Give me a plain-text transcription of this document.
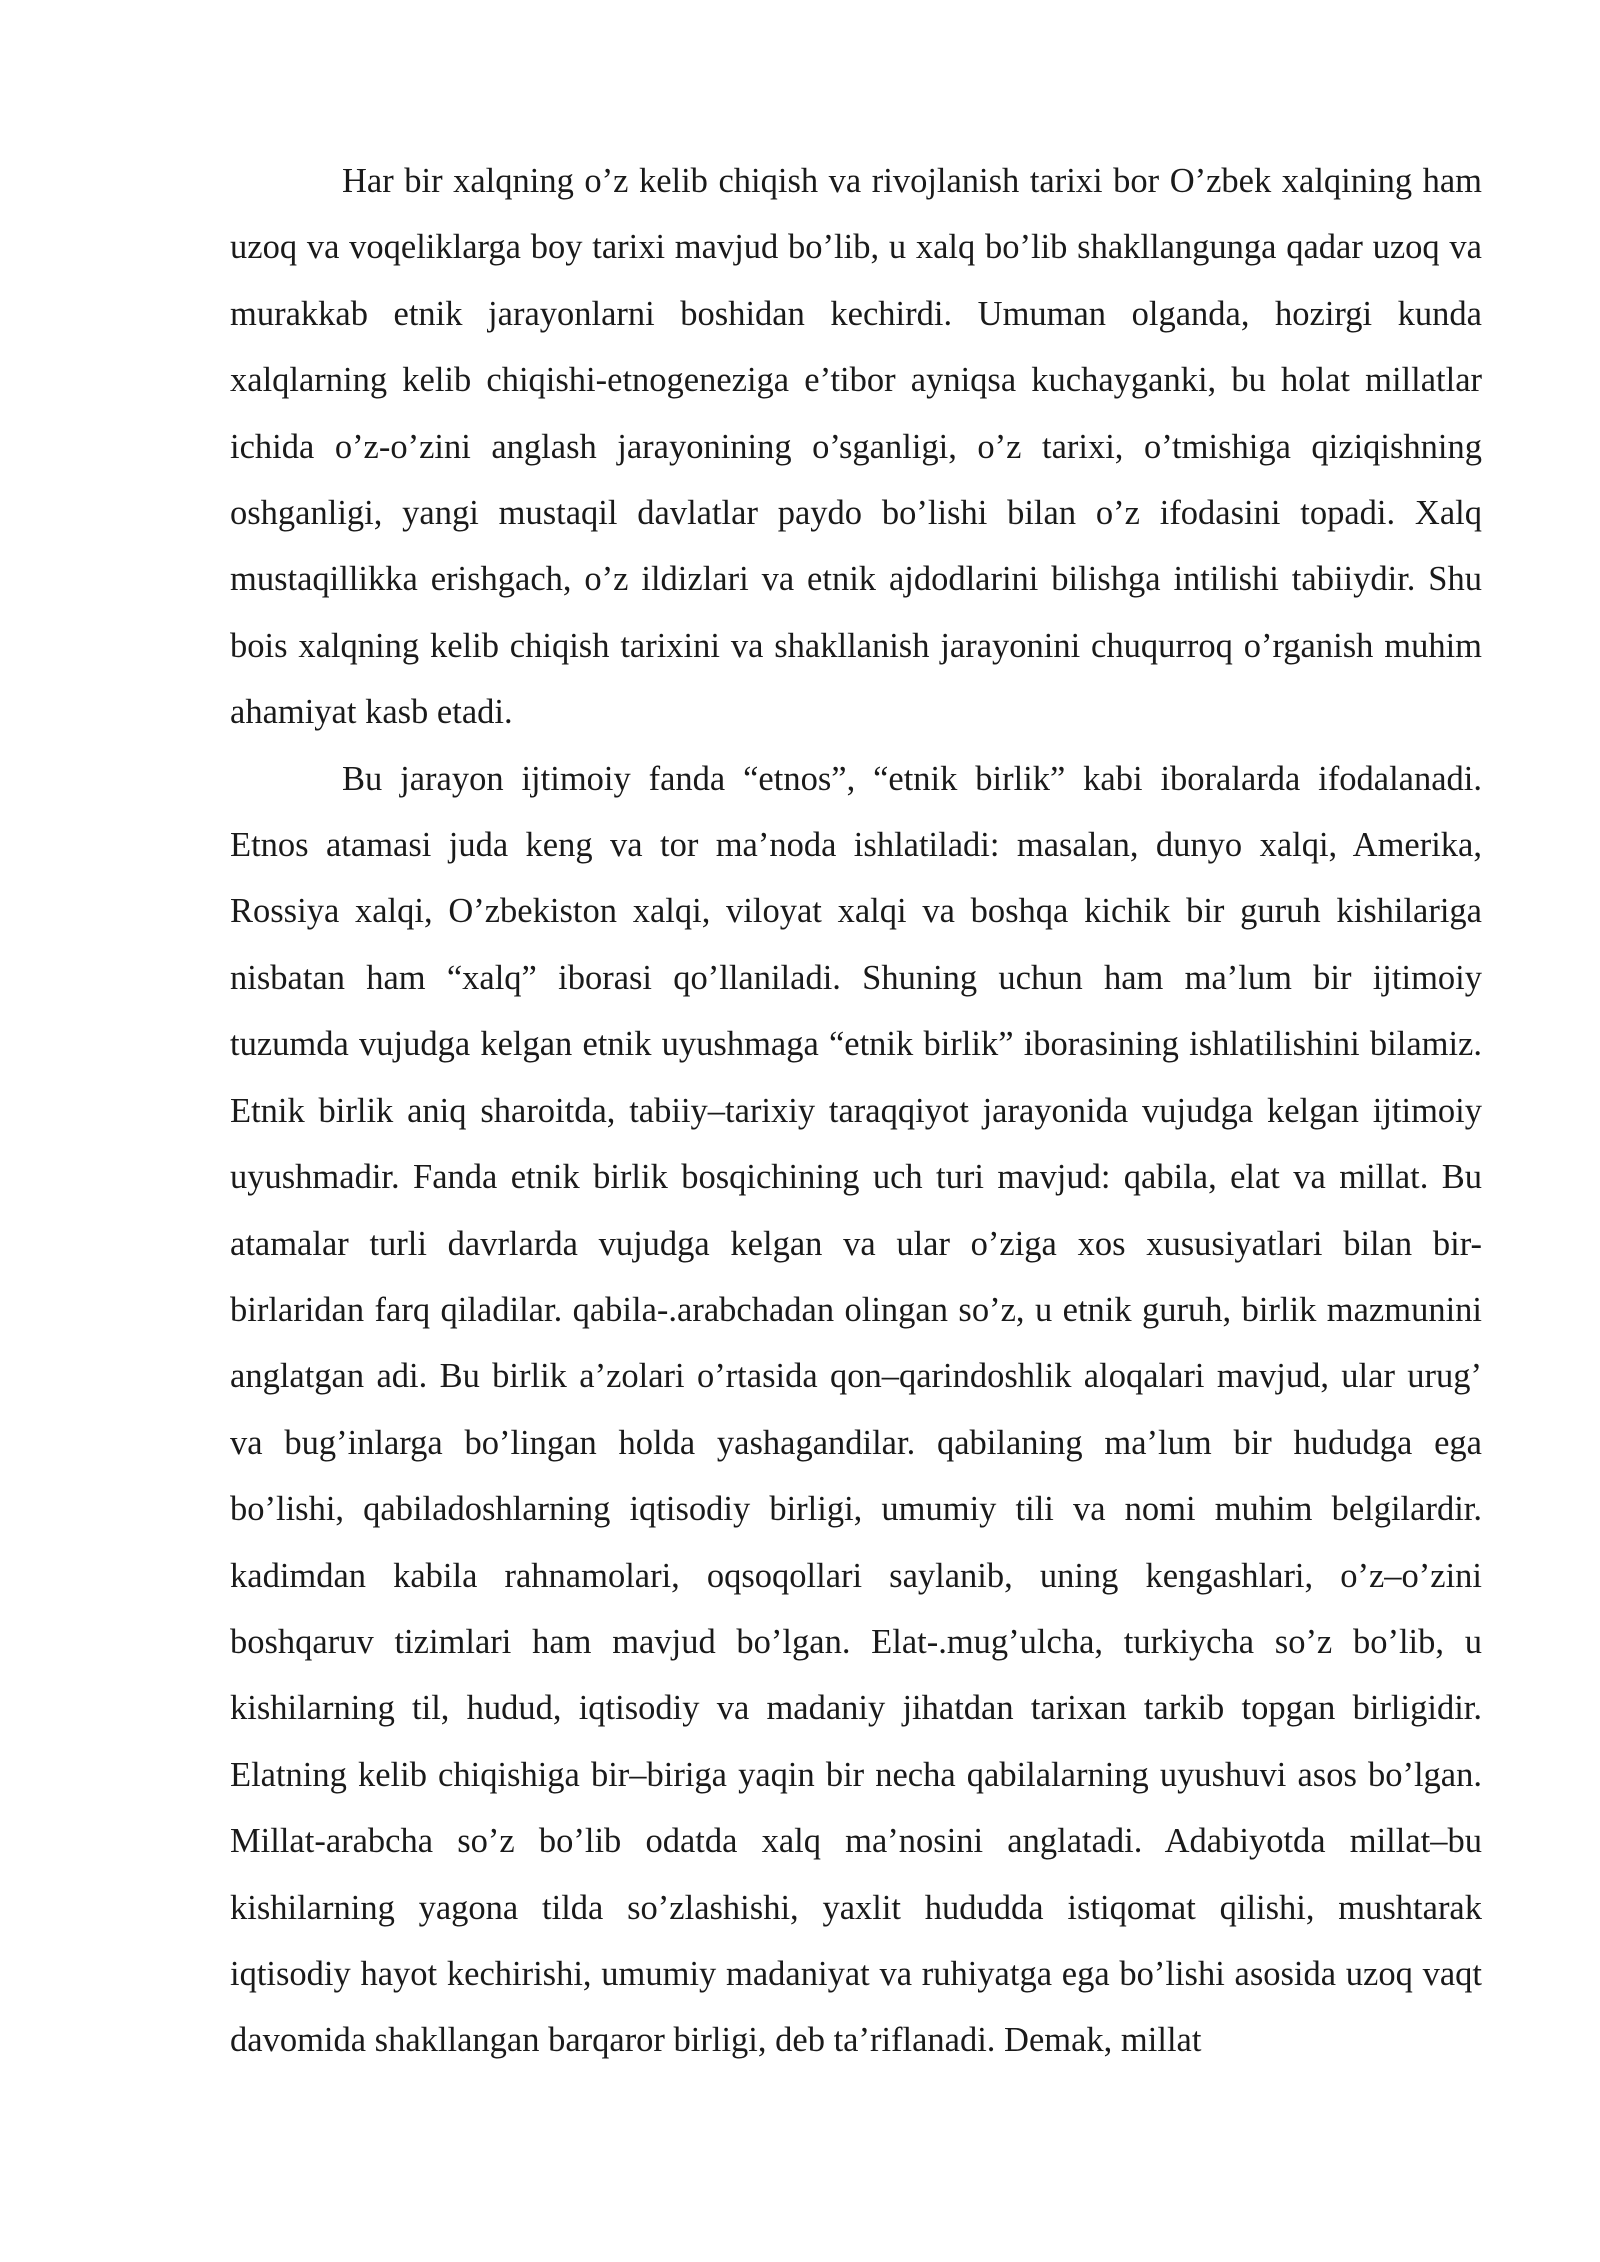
Har bir xalqning o’z kelib chiqish va rivojlanish tarixi bor O’zbek xalqining ham uzoq va voqeliklarga boy tarixi mavjud bo’lib, u xalq bo’lib shakllangunga qadar uzoq va murakkab etnik jarayonlarni boshidan kechirdi. Umuman olganda, hozirgi kunda xalqlarning kelib chiqishi-etnogeneziga e’tibor ayniqsa kuchayganki, bu holat millatlar ichida o’z-o’zini anglash jarayonining o’sganligi, o’z tarixi, o’tmishiga qiziqishning oshganligi, yangi mustaqil davlatlar paydo bo’lishi bilan o’z ifodasini topadi. Xalq mustaqillikka erishgach, o’z ildizlari va etnik ajdodlarini bilishga intilishi tabiiydir. Shu bois xalqning kelib chiqish tarixini va shakllanish jarayonini chuqurroq o’rganish muhim ahamiyat kasb etadi.

Bu jarayon ijtimoiy fanda “etnos”, “etnik birlik” kabi iboralarda ifodalanadi. Etnos atamasi juda keng va tor ma’noda ishlatiladi: masalan, dunyo xalqi, Amerika, Rossiya xalqi, O’zbekiston xalqi, viloyat xalqi va boshqa kichik bir guruh kishilariga nisbatan ham “xalq” iborasi qo’llaniladi. Shuning uchun ham ma’lum bir ijtimoiy tuzumda vujudga kelgan etnik uyushmaga “etnik birlik” iborasining ishlatilishini bilamiz. Etnik birlik aniq sharoitda, tabiiy–tarixiy taraqqiyot jarayonida vujudga kelgan ijtimoiy uyushmadir. Fanda etnik birlik bosqichining uch turi mavjud: qabila, elat va millat. Bu atamalar turli davrlarda vujudga kelgan va ular o’ziga xos xususiyatlari bilan bir-birlaridan farq qiladilar. qabila-.arabchadan olingan so’z, u etnik guruh, birlik mazmunini anglatgan adi. Bu birlik a’zolari o’rtasida qon–qarindoshlik aloqalari mavjud, ular urug’ va bug’inlarga bo’lingan holda yashagandilar. qabilaning ma’lum bir hududga ega bo’lishi, qabiladoshlarning iqtisodiy birligi, umumiy tili va nomi muhim belgilardir. kadimdan kabila rahnamolari, oqsoqollari saylanib, uning kengashlari, o’z–o’zini boshqaruv tizimlari ham mavjud bo’lgan. Elat-.mug’ulcha, turkiycha so’z bo’lib, u kishilarning til, hudud, iqtisodiy va madaniy jihatdan tarixan tarkib topgan birligidir. Elatning kelib chiqishiga bir–biriga yaqin bir necha qabilalarning uyushuvi asos bo’lgan. Millat-arabcha so’z bo’lib odatda xalq ma’nosini anglatadi. Adabiyotda millat–bu kishilarning yagona tilda so’zlashishi, yaxlit hududda istiqomat qilishi, mushtarak iqtisodiy hayot kechirishi, umumiy madaniyat va ruhiyatga ega bo’lishi asosida uzoq vaqt davomida shakllangan barqaror birligi, deb ta’riflanadi. Demak, millat
